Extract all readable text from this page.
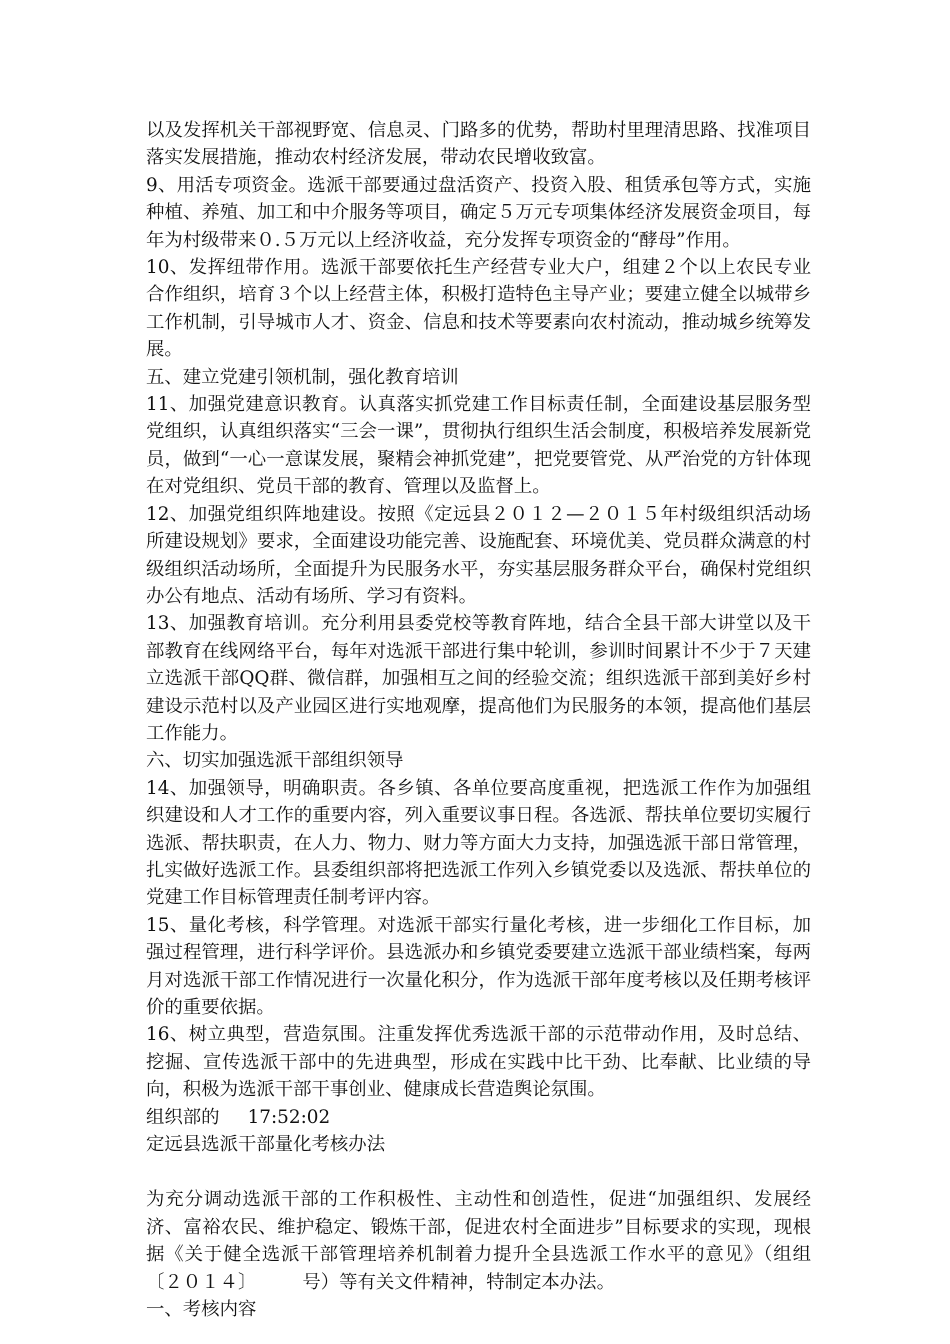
以及发挥机关干部视野宽、信息灵、门路多的优势，帮助村里理清思路、找准项目落实发展措施，推动农村经济发展，带动农民增收致富。

9、用活专项资金。选派干部要通过盘活资产、投资入股、租赁承包等方式，实施种植、养殖、加工和中介服务等项目，确定５万元专项集体经济发展资金项目，每年为村级带来０.５万元以上经济收益，充分发挥专项资金的“酵母”作用。

10、发挥纽带作用。选派干部要依托生产经营专业大户，组建２个以上农民专业合作组织，培育３个以上经营主体，积极打造特色主导产业；要建立健全以城带乡工作机制，引导城市人才、资金、信息和技术等要素向农村流动，推动城乡统筹发展。

五、建立党建引领机制，强化教育培训

11、加强党建意识教育。认真落实抓党建工作目标责任制，全面建设基层服务型党组织，认真组织落实“三会一课”，贯彻执行组织生活会制度，积极培养发展新党员，做到“一心一意谋发展，聚精会神抓党建”，把党要管党、从严治党的方针体现在对党组织、党员干部的教育、管理以及监督上。

12、加强党组织阵地建设。按照《定远县２０１２—２０１５年村级组织活动场所建设规划》要求，全面建设功能完善、设施配套、环境优美、党员群众满意的村级组织活动场所，全面提升为民服务水平，夯实基层服务群众平台，确保村党组织办公有地点、活动有场所、学习有资料。

13、加强教育培训。充分利用县委党校等教育阵地，结合全县干部大讲堂以及干部教育在线网络平台，每年对选派干部进行集中轮训，参训时间累计不少于７天建立选派干部QQ群、微信群，加强相互之间的经验交流；组织选派干部到美好乡村建设示范村以及产业园区进行实地观摩，提高他们为民服务的本领，提高他们基层工作能力。

六、切实加强选派干部组织领导

14、加强领导，明确职责。各乡镇、各单位要高度重视，把选派工作作为加强组织建设和人才工作的重要内容，列入重要议事日程。各选派、帮扶单位要切实履行选派、帮扶职责，在人力、物力、财力等方面大力支持，加强选派干部日常管理，扎实做好选派工作。县委组织部将把选派工作列入乡镇党委以及选派、帮扶单位的党建工作目标管理责任制考评内容。

15、量化考核，科学管理。对选派干部实行量化考核，进一步细化工作目标，加强过程管理，进行科学评价。县选派办和乡镇党委要建立选派干部业绩档案，每两月对选派干部工作情况进行一次量化积分，作为选派干部年度考核以及任期考核评价的重要依据。

16、树立典型，营造氛围。注重发挥优秀选派干部的示范带动作用，及时总结、挖掘、宣传选派干部中的先进典型，形成在实践中比干劲、比奉献、比业绩的导向，积极为选派干部干事创业、健康成长营造舆论氛围。

组织部的 17:52:02

定远县选派干部量化考核办法

为充分调动选派干部的工作积极性、主动性和创造性，促进“加强组织、发展经济、富裕农民、维护稳定、锻炼干部，促进农村全面进步”目标要求的实现，现根据《关于健全选派干部管理培养机制着力提升全县选派工作水平的意见》（组组〔２０１４〕　　　号）等有关文件精神，特制定本办法。

一、考核内容
